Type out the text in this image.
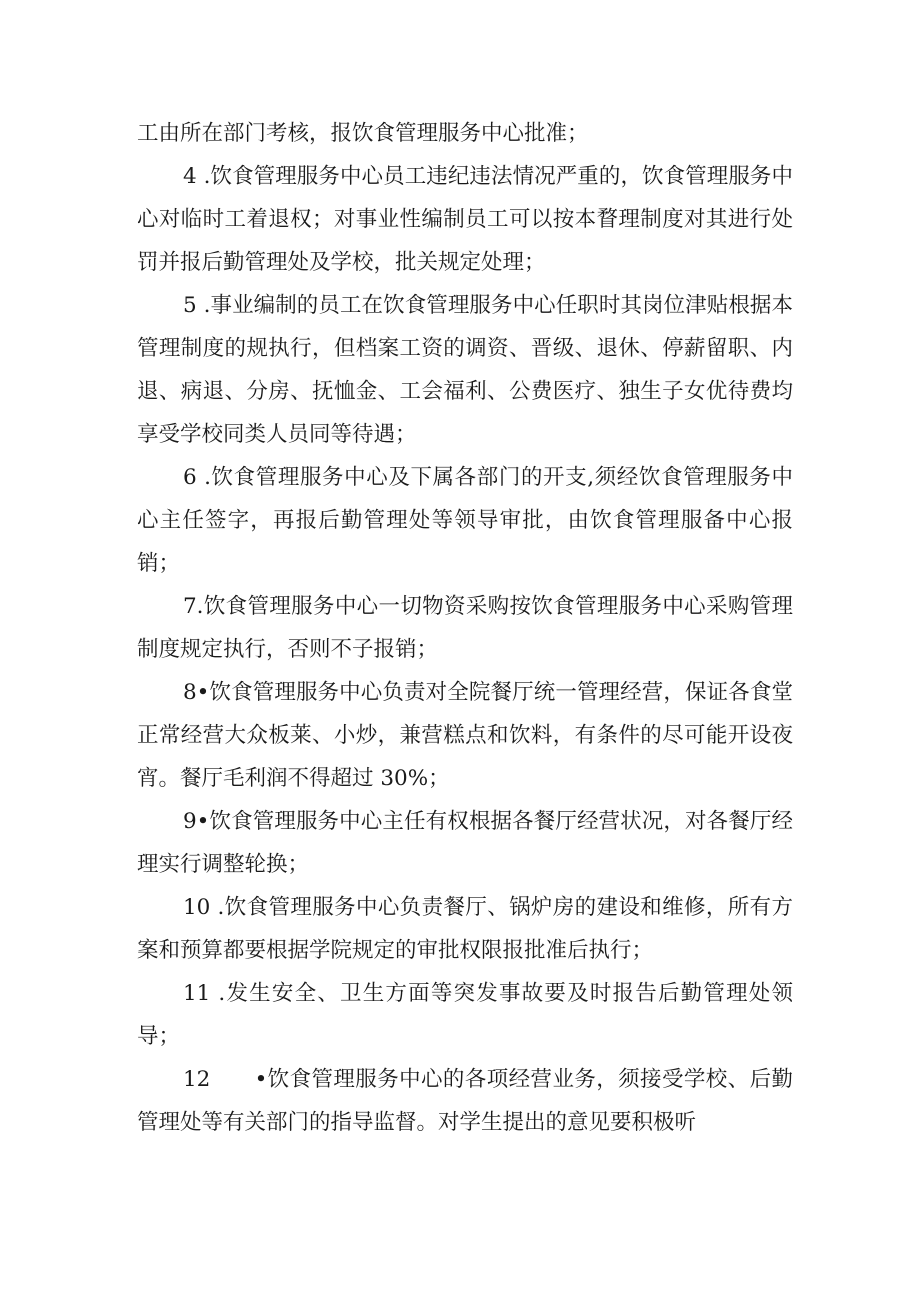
工由所在部门考核，报饮食管理服务中心批准；

4 .饮食管理服务中心员工违纪违法情况严重的，饮食管理服务中心对临时工着退权；对事业性编制员工可以按本瞀理制度对其进行处罚并报后勤管理处及学校，批关规定处理；

5 .事业编制的员工在饮食管理服务中心任职时其岗位津贴根据本管理制度的规执行，但档案工资的调资、晋级、退休、停薪留职、内退、病退、分房、抚恤金、工会福利、公费医疗、独生子女优待费均享受学校同类人员同等待遇；

6 .饮食管理服务中心及下属各部门的开支,须经饮食管理服务中心主任签字，再报后勤管理处等领导审批，由饮食管理服备中心报销；

7.饮食管理服务中心一切物资采购按饮食管理服务中心采购管理制度规定执行，否则不子报销；

8•饮食管理服务中心负责对全院餐厅统一管理经营，保证各食堂正常经营大众板莱、小炒，兼营糕点和饮料，有条件的尽可能开设夜宵。餐厅毛利润不得超过 30%；

9•饮食管理服务中心主任有权根据各餐厅经营状况，对各餐厅经理实行调整轮换；

10 .饮食管理服务中心负责餐厅、锅炉房的建设和维修，所有方案和预算都要根据学院规定的审批权限报批准后执行；

11 .发生安全、卫生方面等突发事故要及时报告后勤管理处领导；

12　　•饮食管理服务中心的各项经营业务，须接受学校、后勤管理处等有关部门的指导监督。对学生提出的意见要积极听
